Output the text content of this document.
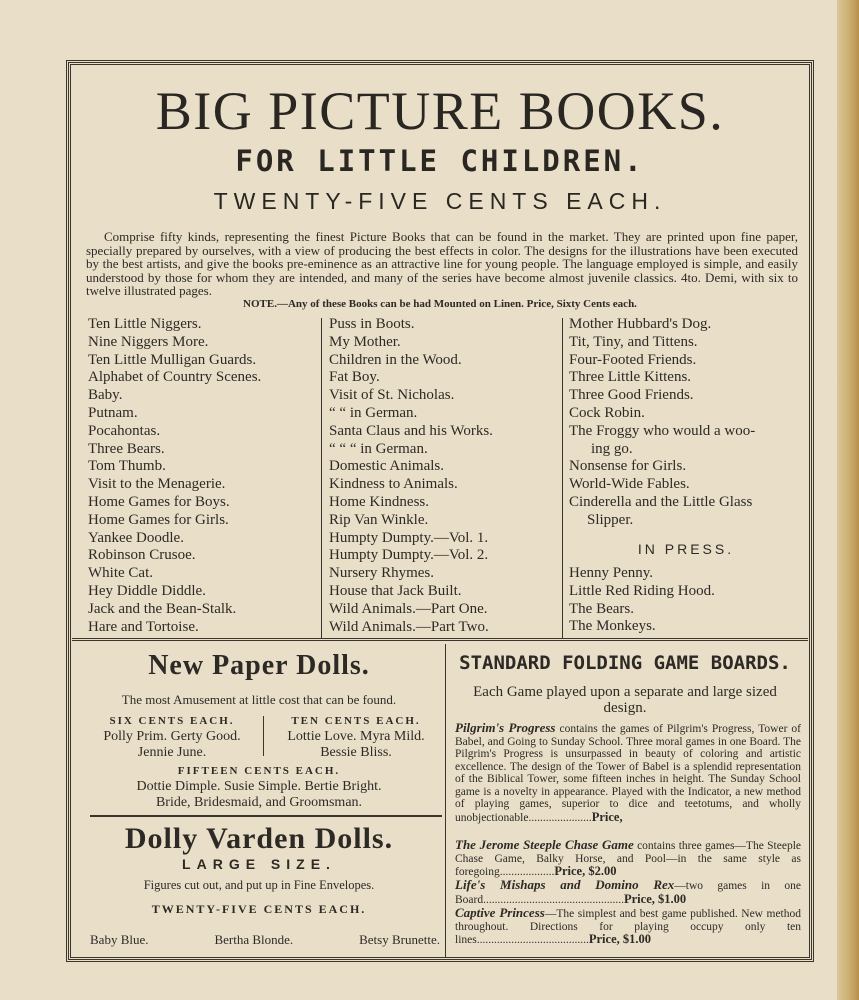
BIG PICTURE BOOKS.
FOR LITTLE CHILDREN.
TWENTY-FIVE CENTS EACH.
Comprise fifty kinds, representing the finest Picture Books that can be found in the market. They are printed upon fine paper, specially prepared by ourselves, with a view of producing the best effects in color. The designs for the illustrations have been executed by the best artists, and give the books pre-eminence as an attractive line for young people. The language employed is simple, and easily understood by those for whom they are intended, and many of the series have become almost juvenile classics. 4to. Demi, with six to twelve illustrated pages.
NOTE.—Any of these Books can be had Mounted on Linen. Price, Sixty Cents each.
Ten Little Niggers.
Nine Niggers More.
Ten Little Mulligan Guards.
Alphabet of Country Scenes.
Baby.
Putnam.
Pocahontas.
Three Bears.
Tom Thumb.
Visit to the Menagerie.
Home Games for Boys.
Home Games for Girls.
Yankee Doodle.
Robinson Crusoe.
White Cat.
Hey Diddle Diddle.
Jack and the Bean-Stalk.
Hare and Tortoise.
Puss in Boots.
My Mother.
Children in the Wood.
Fat Boy.
Visit of St. Nicholas.
“ “ in German.
Santa Claus and his Works.
“ “ “ in German.
Domestic Animals.
Kindness to Animals.
Home Kindness.
Rip Van Winkle.
Humpty Dumpty.—Vol. 1.
Humpty Dumpty.—Vol. 2.
Nursery Rhymes.
House that Jack Built.
Wild Animals.—Part One.
Wild Animals.—Part Two.
Mother Hubbard's Dog.
Tit, Tiny, and Tittens.
Four-Footed Friends.
Three Little Kittens.
Three Good Friends.
Cock Robin.
The Froggy who would a woo-
ing go.
Nonsense for Girls.
World-Wide Fables.
Cinderella and the Little Glass
Slipper.
IN PRESS.
Henny Penny.
Little Red Riding Hood.
The Bears.
The Monkeys.
New Paper Dolls.
The most Amusement at little cost that can be found.
SIX CENTS EACH.
Polly Prim. Gerty Good.
Jennie June.
TEN CENTS EACH.
Lottie Love. Myra Mild.
Bessie Bliss.
FIFTEEN CENTS EACH.
Dottie Dimple. Susie Simple. Bertie Bright.
Bride, Bridesmaid, and Groomsman.
Dolly Varden Dolls.
LARGE SIZE.
Figures cut out, and put up in Fine Envelopes.
TWENTY-FIVE CENTS EACH.
Baby Blue.	Bertha Blonde.	Betsy Brunette.
STANDARD FOLDING GAME BOARDS.
Each Game played upon a separate and large sized design.
Pilgrim's Progress contains the games of Pilgrim's Progress, Tower of Babel, and Going to Sunday School. Three moral games in one Board. The Pilgrim's Progress is unsurpassed in beauty of coloring and artistic excellence. The design of the Tower of Babel is a splendid representation of the Biblical Tower, some fifteen inches in height. The Sunday School game is a novelty in appearance. Played with the Indicator, a new method of playing games, superior to dice and teetotums, and wholly unobjectionable......................Price,
The Jerome Steeple Chase Game contains three games—The Steeple Chase Game, Balky Horse, and Pool—in the same style as foregoing...................Price, $2.00
Life's Mishaps and Domino Rex—two games in one Board.................................................Price, $1.00
Captive Princess—The simplest and best game published. New method throughout. Directions for playing occupy only ten lines.......................................Price, $1.00
